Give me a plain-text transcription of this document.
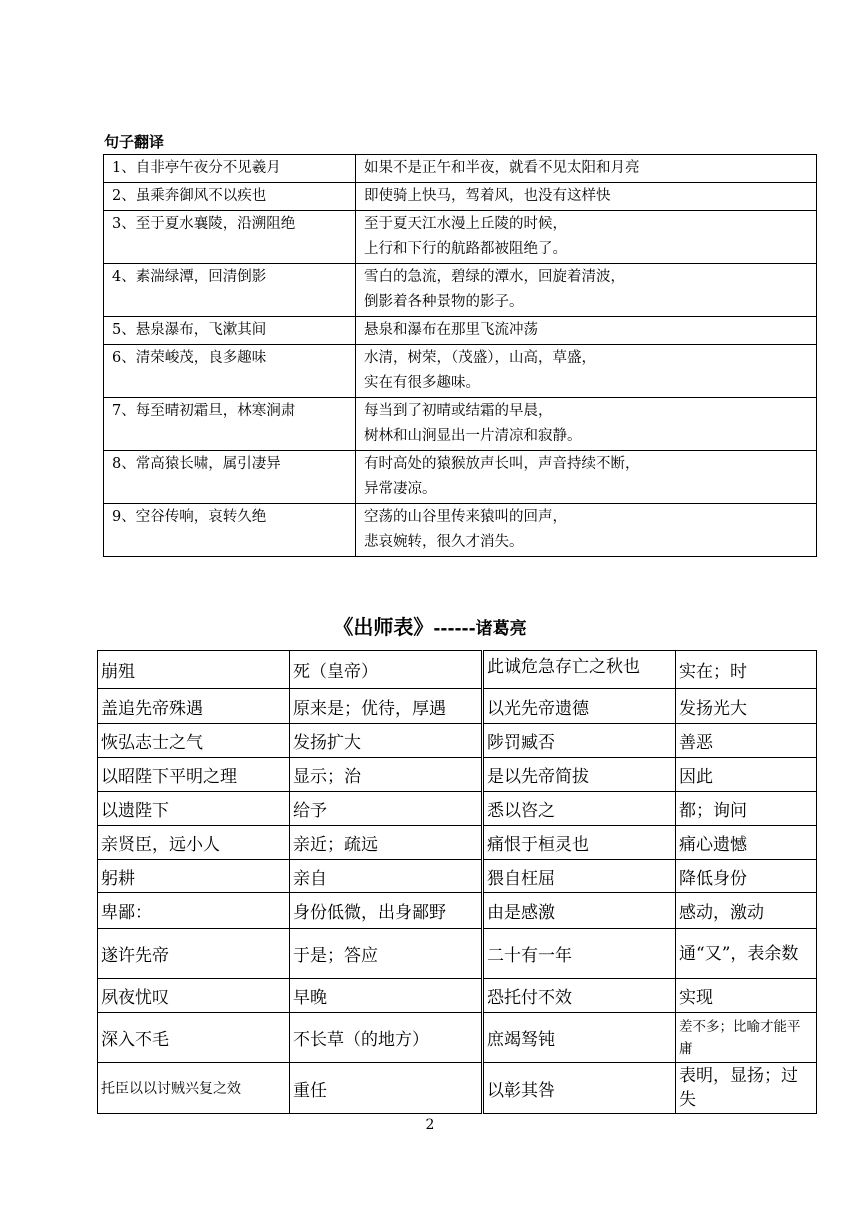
句子翻译
1、自非亭午夜分不见羲月	如果不是正午和半夜，就看不见太阳和月亮

2、虽乘奔御风不以疾也	即使骑上快马，驾着风，也没有这样快

3、至于夏水襄陵，沿溯阻绝	至于夏天江水漫上丘陵的时候，
上行和下行的航路都被阻绝了。

4、素湍绿潭，回清倒影	雪白的急流，碧绿的潭水，回旋着清波，
倒影着各种景物的影子。

5、悬泉瀑布，飞漱其间	悬泉和瀑布在那里飞流冲荡

6、清荣峻茂，良多趣味	水清，树荣，（茂盛），山高，草盛，
实在有很多趣味。

7、每至晴初霜旦，林寒涧肃	每当到了初晴或结霜的早晨，
树林和山涧显出一片清凉和寂静。

8、常高猿长啸，属引凄异	有时高处的猿猴放声长叫，声音持续不断，
异常凄凉。

9、空谷传响，哀转久绝	空荡的山谷里传来猿叫的回声，
悲哀婉转，很久才消失。
《出师表》------诸葛亮
崩殂	死（皇帝）	此诚危急存亡之秋也	实在；时
盖追先帝殊遇	原来是；优待，厚遇	以光先帝遗德	发扬光大
恢弘志士之气	发扬扩大	陟罚臧否	善恶
以昭陛下平明之理	显示；治	是以先帝简拔	因此
以遗陛下	给予	悉以咨之	都；询问
亲贤臣，远小人	亲近；疏远	痛恨于桓灵也	痛心遗憾
躬耕	亲自	猥自枉屈	降低身份
卑鄙：	身份低微，出身鄙野	由是感激	感动，激动
遂许先帝	于是；答应	二十有一年	通“又”，表余数
夙夜忧叹	早晚	恐托付不效	实现
深入不毛	不长草（的地方）	庶竭驽钝	差不多；比喻才能平庸
托臣以以讨贼兴复之效	重任	以彰其咎	表明，显扬；过失
2
